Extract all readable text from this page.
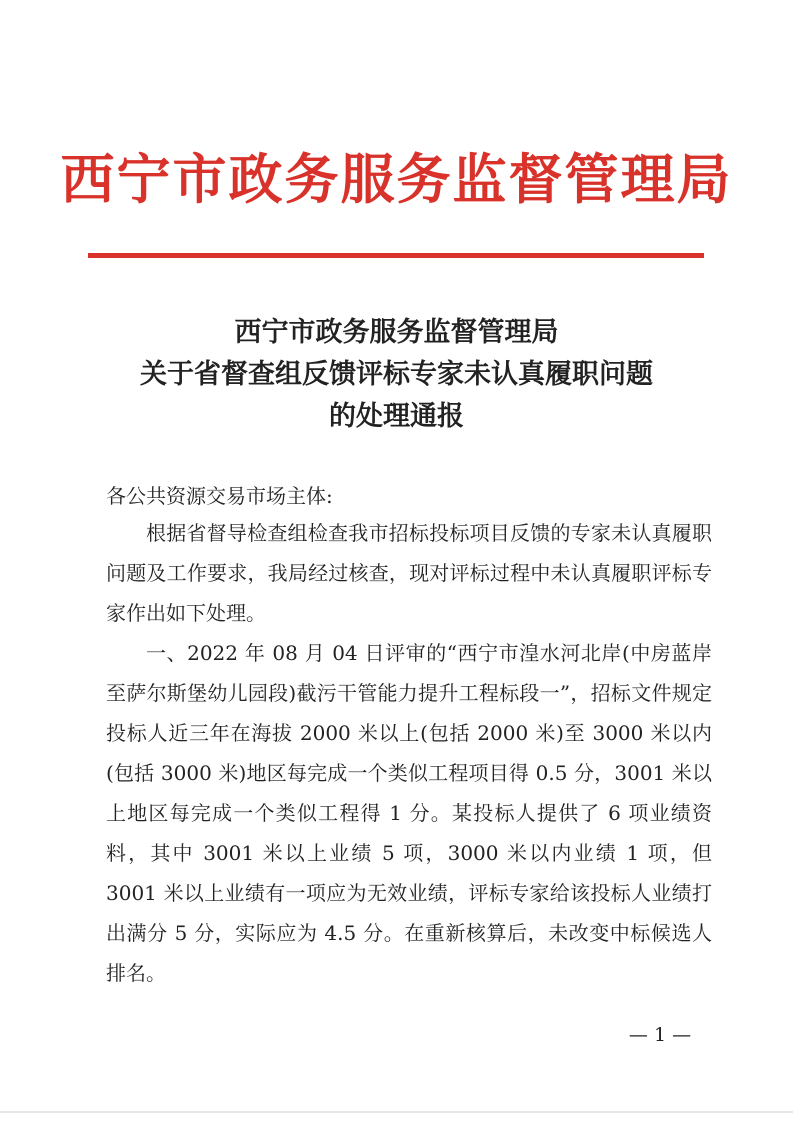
西宁市政务服务监督管理局
西宁市政务服务监督管理局
关于省督查组反馈评标专家未认真履职问题
的处理通报
各公共资源交易市场主体:

根据省督导检查组检查我市招标投标项目反馈的专家未认真履职问题及工作要求，我局经过核查，现对评标过程中未认真履职评标专家作出如下处理。

一、2022 年 08 月 04 日评审的“西宁市湟水河北岸(中房蓝岸至萨尔斯堡幼儿园段)截污干管能力提升工程标段一”，招标文件规定投标人近三年在海拔 2000 米以上(包括 2000 米)至 3000 米以内(包括 3000 米)地区每完成一个类似工程项目得 0.5 分，3001 米以上地区每完成一个类似工程得 1 分。某投标人提供了 6 项业绩资料，其中 3001 米以上业绩 5 项，3000 米以内业绩 1 项，但 3001 米以上业绩有一项应为无效业绩，评标专家给该投标人业绩打出满分 5 分，实际应为 4.5 分。在重新核算后，未改变中标候选人排名。

— 1 —
